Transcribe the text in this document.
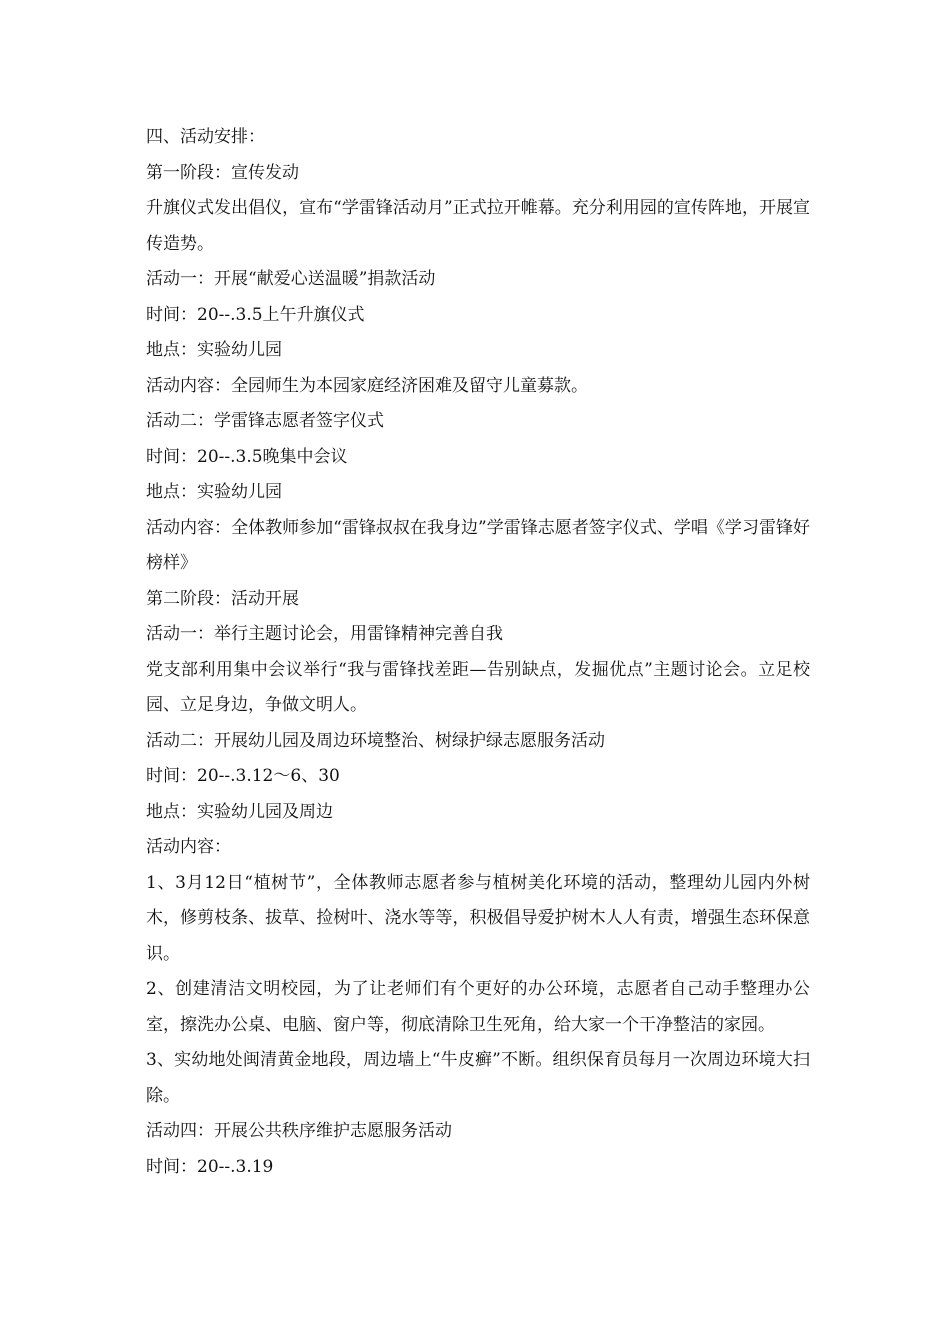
四、活动安排：

第一阶段：宣传发动

升旗仪式发出倡仪，宣布“学雷锋活动月”正式拉开帷幕。充分利用园的宣传阵地，开展宣传造势。

活动一：开展“献爱心送温暖”捐款活动

时间：20--.3.5上午升旗仪式

地点：实验幼儿园

活动内容：全园师生为本园家庭经济困难及留守儿童募款。

活动二：学雷锋志愿者签字仪式

时间：20--.3.5晚集中会议

地点：实验幼儿园

活动内容：全体教师参加“雷锋叔叔在我身边”学雷锋志愿者签字仪式、学唱《学习雷锋好榜样》

第二阶段：活动开展

活动一：举行主题讨论会，用雷锋精神完善自我

党支部利用集中会议举行“我与雷锋找差距—告别缺点，发掘优点”主题讨论会。立足校园、立足身边，争做文明人。

活动二：开展幼儿园及周边环境整治、树绿护绿志愿服务活动

时间：20--.3.12～6、30

地点：实验幼儿园及周边

活动内容：

1、3月12日“植树节”，全体教师志愿者参与植树美化环境的活动，整理幼儿园内外树木，修剪枝条、拔草、捡树叶、浇水等等，积极倡导爱护树木人人有责，增强生态环保意识。

2、创建清洁文明校园，为了让老师们有个更好的办公环境，志愿者自己动手整理办公室，擦洗办公桌、电脑、窗户等，彻底清除卫生死角，给大家一个干净整洁的家园。

3、实幼地处闽清黄金地段，周边墙上“牛皮癣”不断。组织保育员每月一次周边环境大扫除。

活动四：开展公共秩序维护志愿服务活动

时间：20--.3.19
